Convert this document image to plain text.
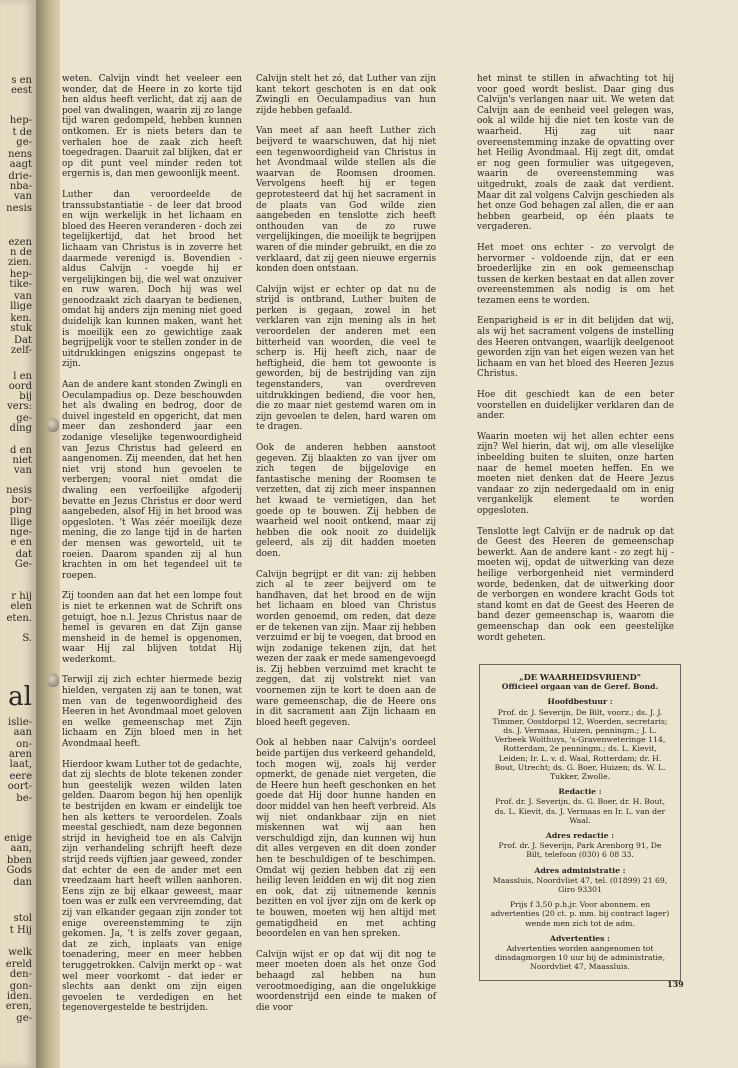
s en
eest
hep-
t de
ge-
nens
aagt
drie-
nba-
van
nesis
ezen
n de
zien.
hep-
tike-
van
llige
ken.
stuk
Dat
zelf-
l en
oord
bij
vers:
ge-
ding
d en
niet
van
nesis
bor-
ping
llige
nge-
e en
dat
Ge-
r hij
elen
eten.
S.
al
islie-
aan
on-
aren
laat,
eere
oort-
be-
enige
aan,
bben
Gods
dan
stol
t Hij
welk
ereld
den-
gon-
iden.
eren,
ge-

weten. Calvijn vindt het veeleer een wonder, dat de Heere in zo korte tijd hen aldus heeft verlicht, dat zij aan de poel van dwalingen, waarin zij zo lange tijd waren gedompeld, hebben kunnen ontkomen. Er is niets beters dan te verhalen hoe de zaak zich heeft toegedragen. Daaruit zal blijken, dat er op dit punt veel minder reden tot ergernis is, dan men gewoonlijk meent.

Luther dan veroordeelde de transsubstantiatie - de leer dat brood en wijn werkelijk in het lichaam en bloed des Heeren veranderen - doch zei tegelijkertijd, dat het brood het lichaam van Christus is in zoverre het daarmede verenigd is. Bovendien - aldus Calvijn - voegde hij er vergelijkingen bij, die wel wat onzuiver en ruw waren. Doch hij was wel genoodzaakt zich daaryan te bedienen, omdat hij anders zijn mening niet goed duidelijk kan kunnen maken, want het is moeilijk een zo gewichtige zaak begrijpelijk voor te stellen zonder in de uitdrukkingen enigszins ongepast te zijn.

Aan de andere kant stonden Zwingli en Oeculampadius op. Deze beschouwden het als dwaling en bedrog, door de duivel ingesteld en opgericht, dat men meer dan zeshonderd jaar een zodanige vleselijke tegenwoordigheid van Jezus Christus had geleerd en aangenomen. Zij meenden, dat het hen niet vrij stond hun gevoelen te verbergen; vooral niet omdat die dwaling een verfoeilijke afgoderij bevatte en Jezus Christus er door werd aangebeden, alsof Hij in het brood was opgesloten. 't Was zéér moeilijk deze mening, die zo lange tijd in de harten der mensen was geworteld, uit te roeien. Daarom spanden zij al hun krachten in om het tegendeel uit te roepen.

Zij toonden aan dat het een lompe fout is niet te erkennen wat de Schrift ons getuigt, hoe n.l. Jezus Christus naar de hemel is gevaren en dat Zijn ganse mensheid in de hemel is opgenomen, waar Hij zal blijven totdat Hij wederkomt.

Terwijl zij zich echter hiermede bezig hielden, vergaten zij aan te tonen, wat men van de tegenwoordigheid des Heeren in het Avondmaal moet geloven en welke gemeenschap met Zijn lichaam en Zijn bloed men in het Avondmaal heeft.

Hierdoor kwam Luther tot de gedachte, dat zij slechts de blote tekenen zonder hun geestelijk wezen wilden laten gelden. Daarom begon hij hen openlijk te bestrijden en kwam er eindelijk toe hen als ketters te veroordelen. Zoals meestal geschiedt, nam deze begonnen strijd in hevigheid toe en als Calvijn zijn verhandeling schrijft heeft deze strijd reeds vijftien jaar geweed, zonder dat echter de een de ander met een vreedzaam hart heeft willen aanhoren. Eens zijn ze bij elkaar geweest, maar toen was er zulk een vervreemding, dat zij van elkander gegaan zijn zonder tot enige overeenstemming te zijn gekomen. Ja, 't is zelfs zover gegaan, dat ze zich, inplaats van enige toenadering, meer en meer hebben teruggetrokken. Calvijn merkt op - wat wel meer voorkomt - dat ieder er slechts aan denkt om zijn eigen gevoelen te verdedigen en het tegenovergestelde te bestrijden.

Calvijn stelt het zó, dat Luther van zijn kant tekort geschoten is en dat ook Zwingli en Oeculampadius van hun zijde hebben gefaald.

Van meet af aan heeft Luther zich beijverd te waarschuwen, dat hij niet een tegenwoordigheid van Christus in het Avondmaal wilde stellen als die waarvan de Roomsen droomen. Vervolgens heeft hij er tegen geprotesteerd dat hij het sacrament in de plaats van God wilde zien aangebeden en tenslotte zich heeft onthouden van de zo ruwe vergelijkingen, die moeilijk te begrijpen waren of die minder gebruikt, en die zo verklaard, dat zij geen nieuwe ergernis konden doen ontstaan.

Calvijn wijst er echter op dat nu de strijd is ontbrand, Luther buiten de perken is gegaan, zowel in het verklaren van zijn mening als in het veroordelen der anderen met een bitterheid van woorden, die veel te scherp is. Hij heeft zich, naar de heftigheid, die hem tot gewoonte is geworden, bij de bestrijding van zijn tegenstanders, van overdreven uitdrukkingen bediend, die voor hen, die zo maar niet gestemd waren om in zijn gevoelen te delen, hard waren om te dragen.

Ook de anderen hebben aanstoot gegeven. Zij blaakten zo van ijver om zich tegen de bijgelovige en fantastische mening der Roomsen te verzetten, dat zij zich meer inspannen het kwaad te vernietigen, dan het goede op te bouwen. Zij hebben de waarheid wel nooit ontkend, maar zij hebben die ook nooit zo duidelijk geleerd, als zij dit hadden moeten doen.

Calvijn begrijpt er dit van: zij hebben zich al te zeer beijverd om te handhaven, dat het brood en de wijn het lichaam en bloed van Christus worden genoemd, om reden, dat deze er de tekenen van zijn. Maar zij hebben verzuimd er bij te voegen, dat brood en wijn zodanige tekenen zijn, dat het wezen der zaak er mede samengevoegd is. Zij hebben verzuimd met kracht te zeggen, dat zij volstrekt niet van voornemen zijn te kort te doen aan de ware gemeenschap, die de Heere ons in dit sacrament aan Zijn lichaam en bloed heeft gegeven.

Ook al hebben naar Calvijn's oordeel beide partijen dus verkeerd gehandeld, toch mogen wij, zoals hij verder opmerkt, de genade niet vergeten, die de Heere hun heeft geschonken en het goede dat Hij door hunne handen en door middel van hen heeft verbreid. Als wij niet ondankbaar zijn en niet miskennen wat wij aan hen verschuldigd zijn, dan kunnen wij hun dit alles vergeven en dit doen zonder hen te beschuldigen of te beschimpen. Omdat wij gezien hebben dat zij een heilig leven leidden en wij dit nog zien en ook, dat zij uitnemende kennis bezitten en vol ijver zijn om de kerk op te bouwen, moeten wij hen altijd met gematigdheid en met achting beoordelen en van hen spreken.

Calvijn wijst er op dat wij dit nog te meer moeten doen als het onze God behaagd zal hebben na hun verootmoediging, aan die ongelukkige woordenstrijd een einde te maken of die voor

het minst te stillen in afwachting tot hij voor goed wordt beslist. Daar ging dus Calvijn's verlangen naar uit. We weten dat Calvijn aan de eenheid veel gelegen was, ook al wilde hij die niet ten koste van de waarheid. Hij zag uit naar overeenstemming inzake de opvatting over het Heilig Avondmaal. Hij zegt dit, omdat er nog geen formulier was uitgegeven, waarin de overeenstemming was uitgedrukt, zoals de zaak dat verdient. Maar dit zal volgens Calvijn geschieden als het onze God behagen zal allen, die er aan hebben gearbeid, op één plaats te vergaderen.

Het moet ons echter - zo vervolgt de hervormer - voldoende zijn, dat er een broederlijke zin en ook gemeenschap tussen de kerken bestaat en dat allen zover overeenstemmen als nodig is om het tezamen eens te worden.

Eenparigheid is er in dit belijden dat wij, als wij het sacrament volgens de instelling des Heeren ontvangen, waarlijk deelgenoot geworden zijn van het eigen wezen van het lichaam en van het bloed des Heeren Jezus Christus.

Hoe dit geschiedt kan de een beter voorstellen en duidelijker verklaren dan de ander.

Waarin moeten wij het allen echter eens zijn? Wel hierin, dat wij, om alle vleselijke inbeelding buiten te sluiten, onze harten naar de hemel moeten heffen. En we moeten niet denken dat de Heere Jezus vandaar zo zijn nedergedaald om in enig vergankelijk element te worden opgesloten.

Tenslotte legt Calvijn er de nadruk op dat de Geest des Heeren de gemeenschap bewerkt. Aan de andere kant - zo zegt hij - moeten wij, opdat de uitwerking van deze heilige verborgenheid niet verminderd worde, bedenken, dat de uitwerking door de verborgen en wondere kracht Gods tot stand komt en dat de Geest des Heeren de band dezer gemeenschap is, waarom die gemeenschap dan ook een geestelijke wordt geheten.

„DE WAARHEIDSVRIEND"

Officieel orgaan van de Geref. Bond.

Hoofdbestuur :

Prof. dr. J. Severijn, De Bilt, voorz.; ds. J. J. Timmer, Oostdorpsl 12, Woerden, secretaris; ds. J. Vermaas, Huizen, penningm.; J. L. Verbeek Wolthuys, 's-Gravenweteringe 114, Rotterdam, 2e penningm.; ds. L. Kievit, Leiden; Ir. L. v. d. Waal, Rotterdam; dr. H. Bout, Utrecht; ds. G. Boer, Huizen; ds. W. L. Tukker, Zwolle.

Redactie :

Prof. dr. J. Severijn, ds. G. Boer, dr. H. Bout, ds. L. Kievit, ds. J. Vermaas en Ir. L. van der Waal.

Adres redactie :

Prof. dr. J. Severijn, Park Arenborg 91, De Bilt, telefoon (030) 6 08 33.

Adres administratie :

Maassluis, Noordvliet 47, tel. (01899) 21 69, Giro 93301

Prijs f 3,50 p.h.jr. Voor abonnem. en advertenties (20 ct. p. mm. bij contract lager) wende men zich tot de adm.

Advertenties :

Advertenties worden aangenomen tot dinsdagmorgen 10 uur bij de administratie, Noordvliet 47, Maassluis.

139
